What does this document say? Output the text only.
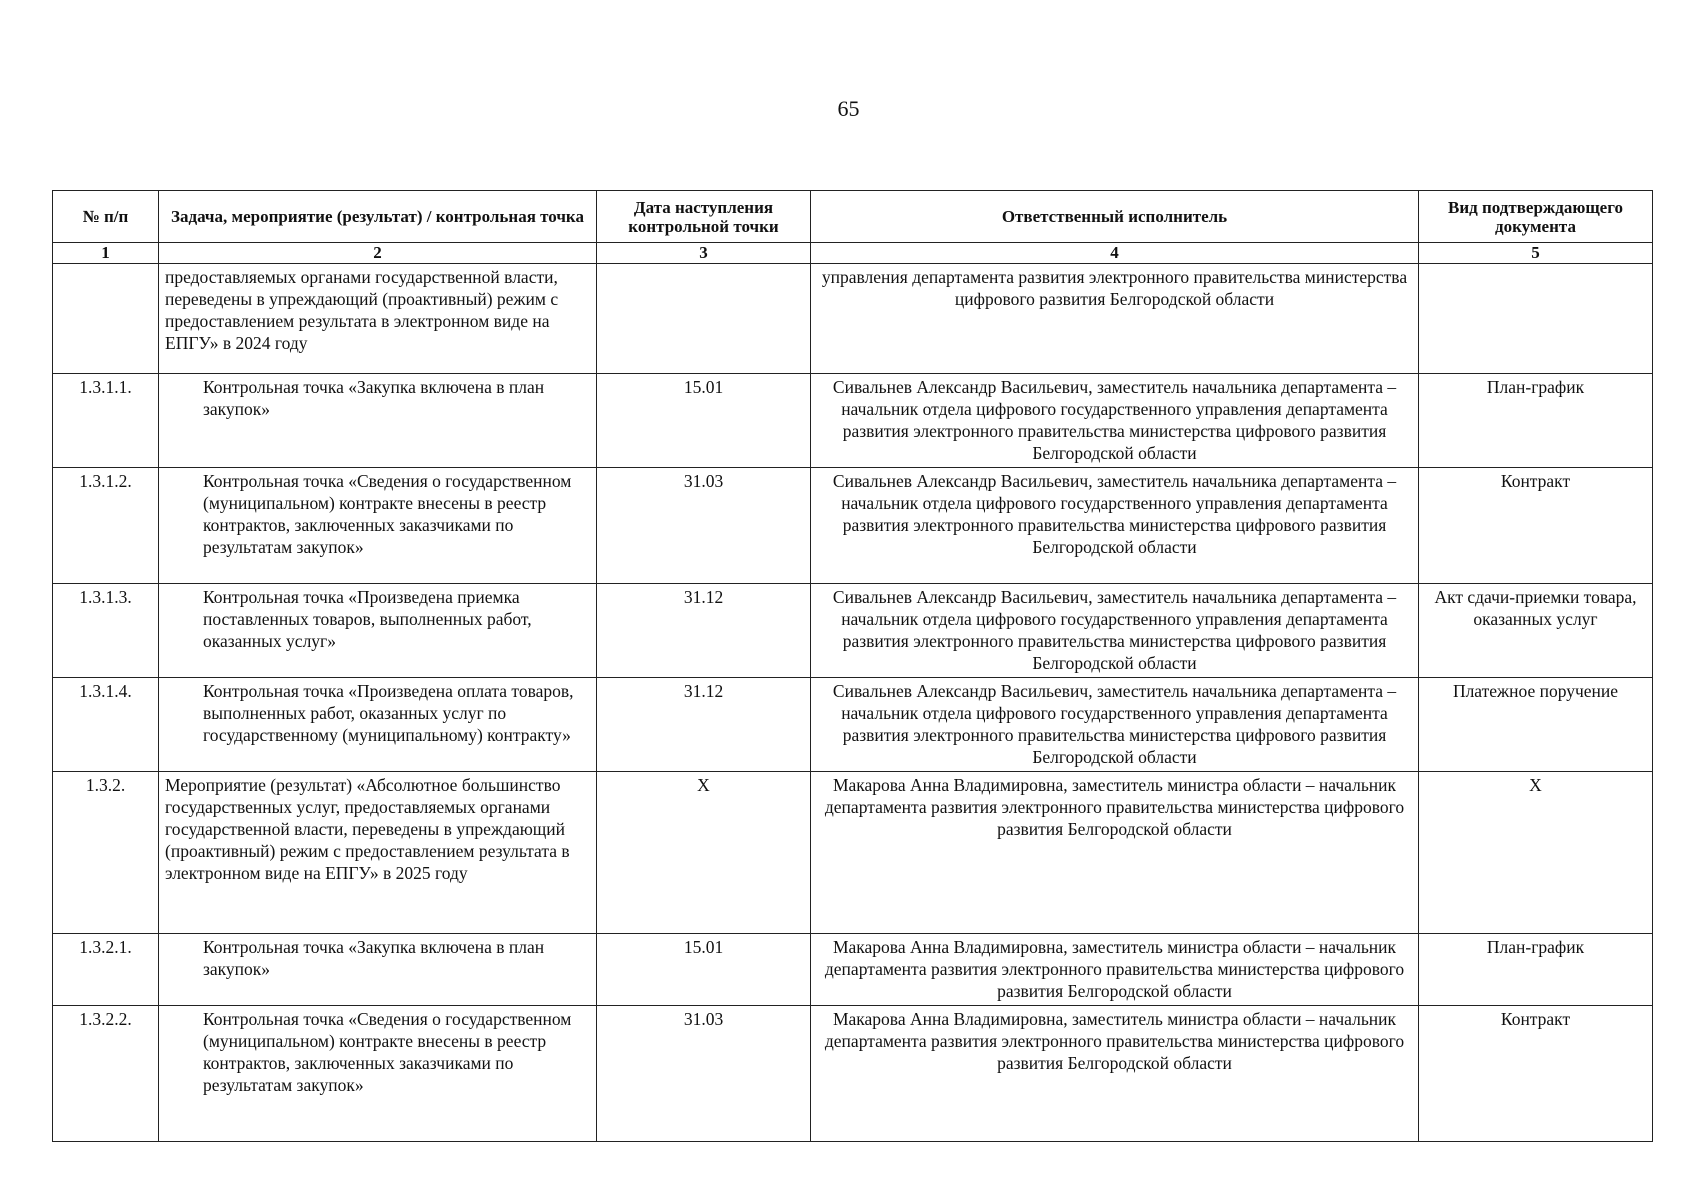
65
№ п/п	Задача, мероприятие (результат) / контрольная точка	Дата наступления контрольной точки	Ответственный исполнитель	Вид подтверждающего документа
1	2	3	4	5
	предоставляемых органами государственной власти, переведены в упреждающий (проактивный) режим с предоставлением результата в электронном виде на ЕПГУ» в 2024 году		управления департамента развития электронного правительства министерства цифрового развития Белгородской области	
1.3.1.1.	Контрольная точка «Закупка включена в план закупок»	15.01	Сивальнев Александр Васильевич, заместитель начальника департамента – начальник отдела цифрового государственного управления департамента развития электронного правительства министерства цифрового развития Белгородской области	План-график
1.3.1.2.	Контрольная точка «Сведения о государственном (муниципальном) контракте внесены в реестр контрактов, заключенных заказчиками по результатам закупок»	31.03	Сивальнев Александр Васильевич, заместитель начальника департамента – начальник отдела цифрового государственного управления департамента развития электронного правительства министерства цифрового развития Белгородской области	Контракт
1.3.1.3.	Контрольная точка «Произведена приемка поставленных товаров, выполненных работ, оказанных услуг»	31.12	Сивальнев Александр Васильевич, заместитель начальника департамента – начальник отдела цифрового государственного управления департамента развития электронного правительства министерства цифрового развития Белгородской области	Акт сдачи-приемки товара, оказанных услуг
1.3.1.4.	Контрольная точка «Произведена оплата товаров, выполненных работ, оказанных услуг по государственному (муниципальному) контракту»	31.12	Сивальнев Александр Васильевич, заместитель начальника департамента – начальник отдела цифрового государственного управления департамента развития электронного правительства министерства цифрового развития Белгородской области	Платежное поручение
1.3.2.	Мероприятие (результат) «Абсолютное большинство государственных услуг, предоставляемых органами государственной власти, переведены в упреждающий (проактивный) режим с предоставлением результата в электронном виде на ЕПГУ» в 2025 году	Х	Макарова Анна Владимировна, заместитель министра области – начальник департамента развития электронного правительства министерства цифрового развития Белгородской области	Х
1.3.2.1.	Контрольная точка «Закупка включена в план закупок»	15.01	Макарова Анна Владимировна, заместитель министра области – начальник департамента развития электронного правительства министерства цифрового развития Белгородской области	План-график
1.3.2.2.	Контрольная точка «Сведения о государственном (муниципальном) контракте внесены в реестр контрактов, заключенных заказчиками по результатам закупок»	31.03	Макарова Анна Владимировна, заместитель министра области – начальник департамента развития электронного правительства министерства цифрового развития Белгородской области	Контракт
